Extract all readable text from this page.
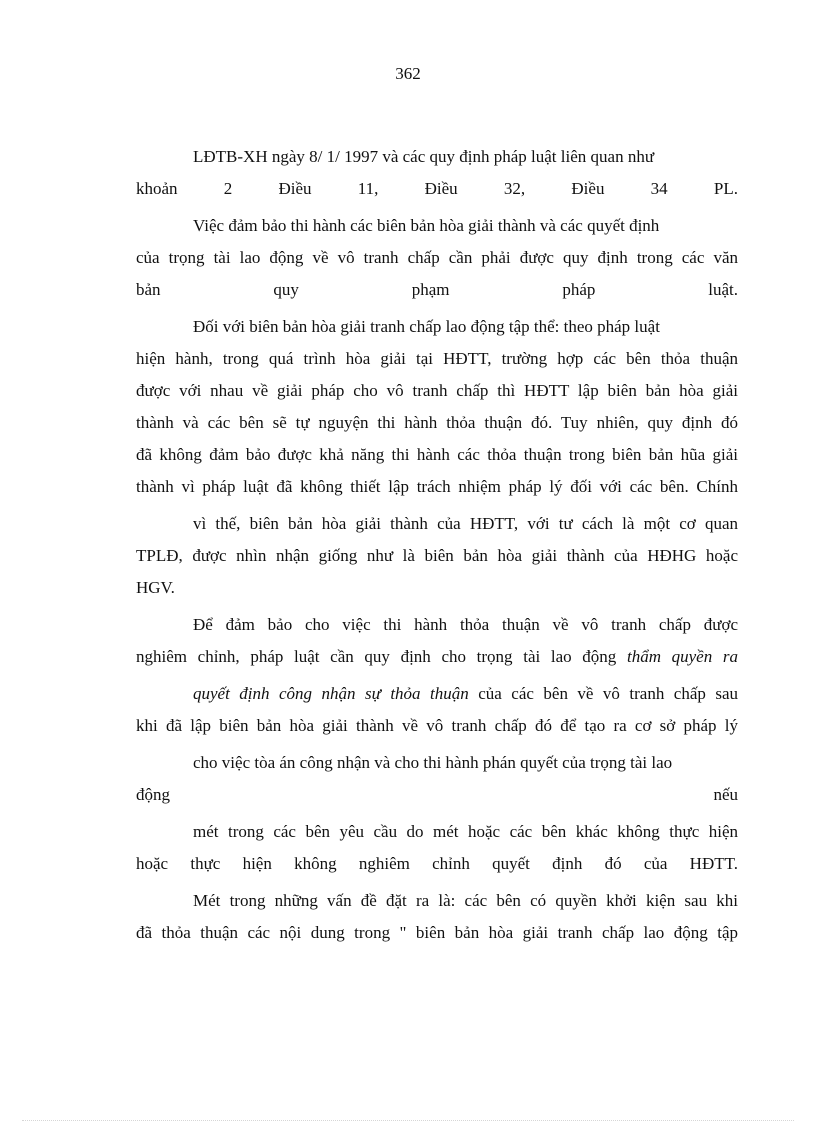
362
LĐTB-XH ngày 8/ 1/ 1997 và các quy định pháp luật liên quan như
khoản 2 Điều 11, Điều 32, Điều 34 PL.
Việc đảm bảo thi hành các biên bản hòa giải thành và các quyết định
của trọng tài lao động về vô tranh chấp cần phải được quy định trong các văn
bản quy phạm pháp luật.
Đối với biên bản hòa giải tranh chấp lao động tập thể: theo pháp luật
hiện hành, trong quá trình hòa giải tại HĐTT, trường hợp các bên thỏa thuận
được với nhau về giải pháp cho vô tranh chấp thì HĐTT lập biên bản hòa giải
thành và các bên sẽ tự nguyện thi hành thỏa thuận đó. Tuy nhiên, quy định đó
đã không đảm bảo được khả năng thi hành các thỏa thuận trong biên bản hũa giải
thành vì pháp luật đã không thiết lập trách nhiệm pháp lý đối với các bên. Chính
vì thế, biên bản hòa giải thành của HĐTT, với tư cách là một cơ quan
TPLĐ, được nhìn nhận giống như là biên bản hòa giải thành của HĐHG hoặc
HGV.
Để đảm bảo cho việc thi hành thỏa thuận về vô tranh chấp được
nghiêm chỉnh, pháp luật cần quy định cho trọng tài lao động thẩm quyền ra
quyết định công nhận sự thỏa thuận của các bên về vô tranh chấp sau
khi đã lập biên bản hòa giải thành về vô tranh chấp đó để tạo ra cơ sở pháp lý
cho việc tòa án công nhận và cho thi hành phán quyết của trọng tài lao
động nếu
mét trong các bên yêu cầu do mét hoặc các bên khác không thực hiện
hoặc thực hiện không nghiêm chỉnh quyết định đó của HĐTT.
Mét trong những vấn đề đặt ra là: các bên có quyền khởi kiện sau khi
đã thỏa thuận các nội dung trong " biên bản hòa giải tranh chấp lao động tập
